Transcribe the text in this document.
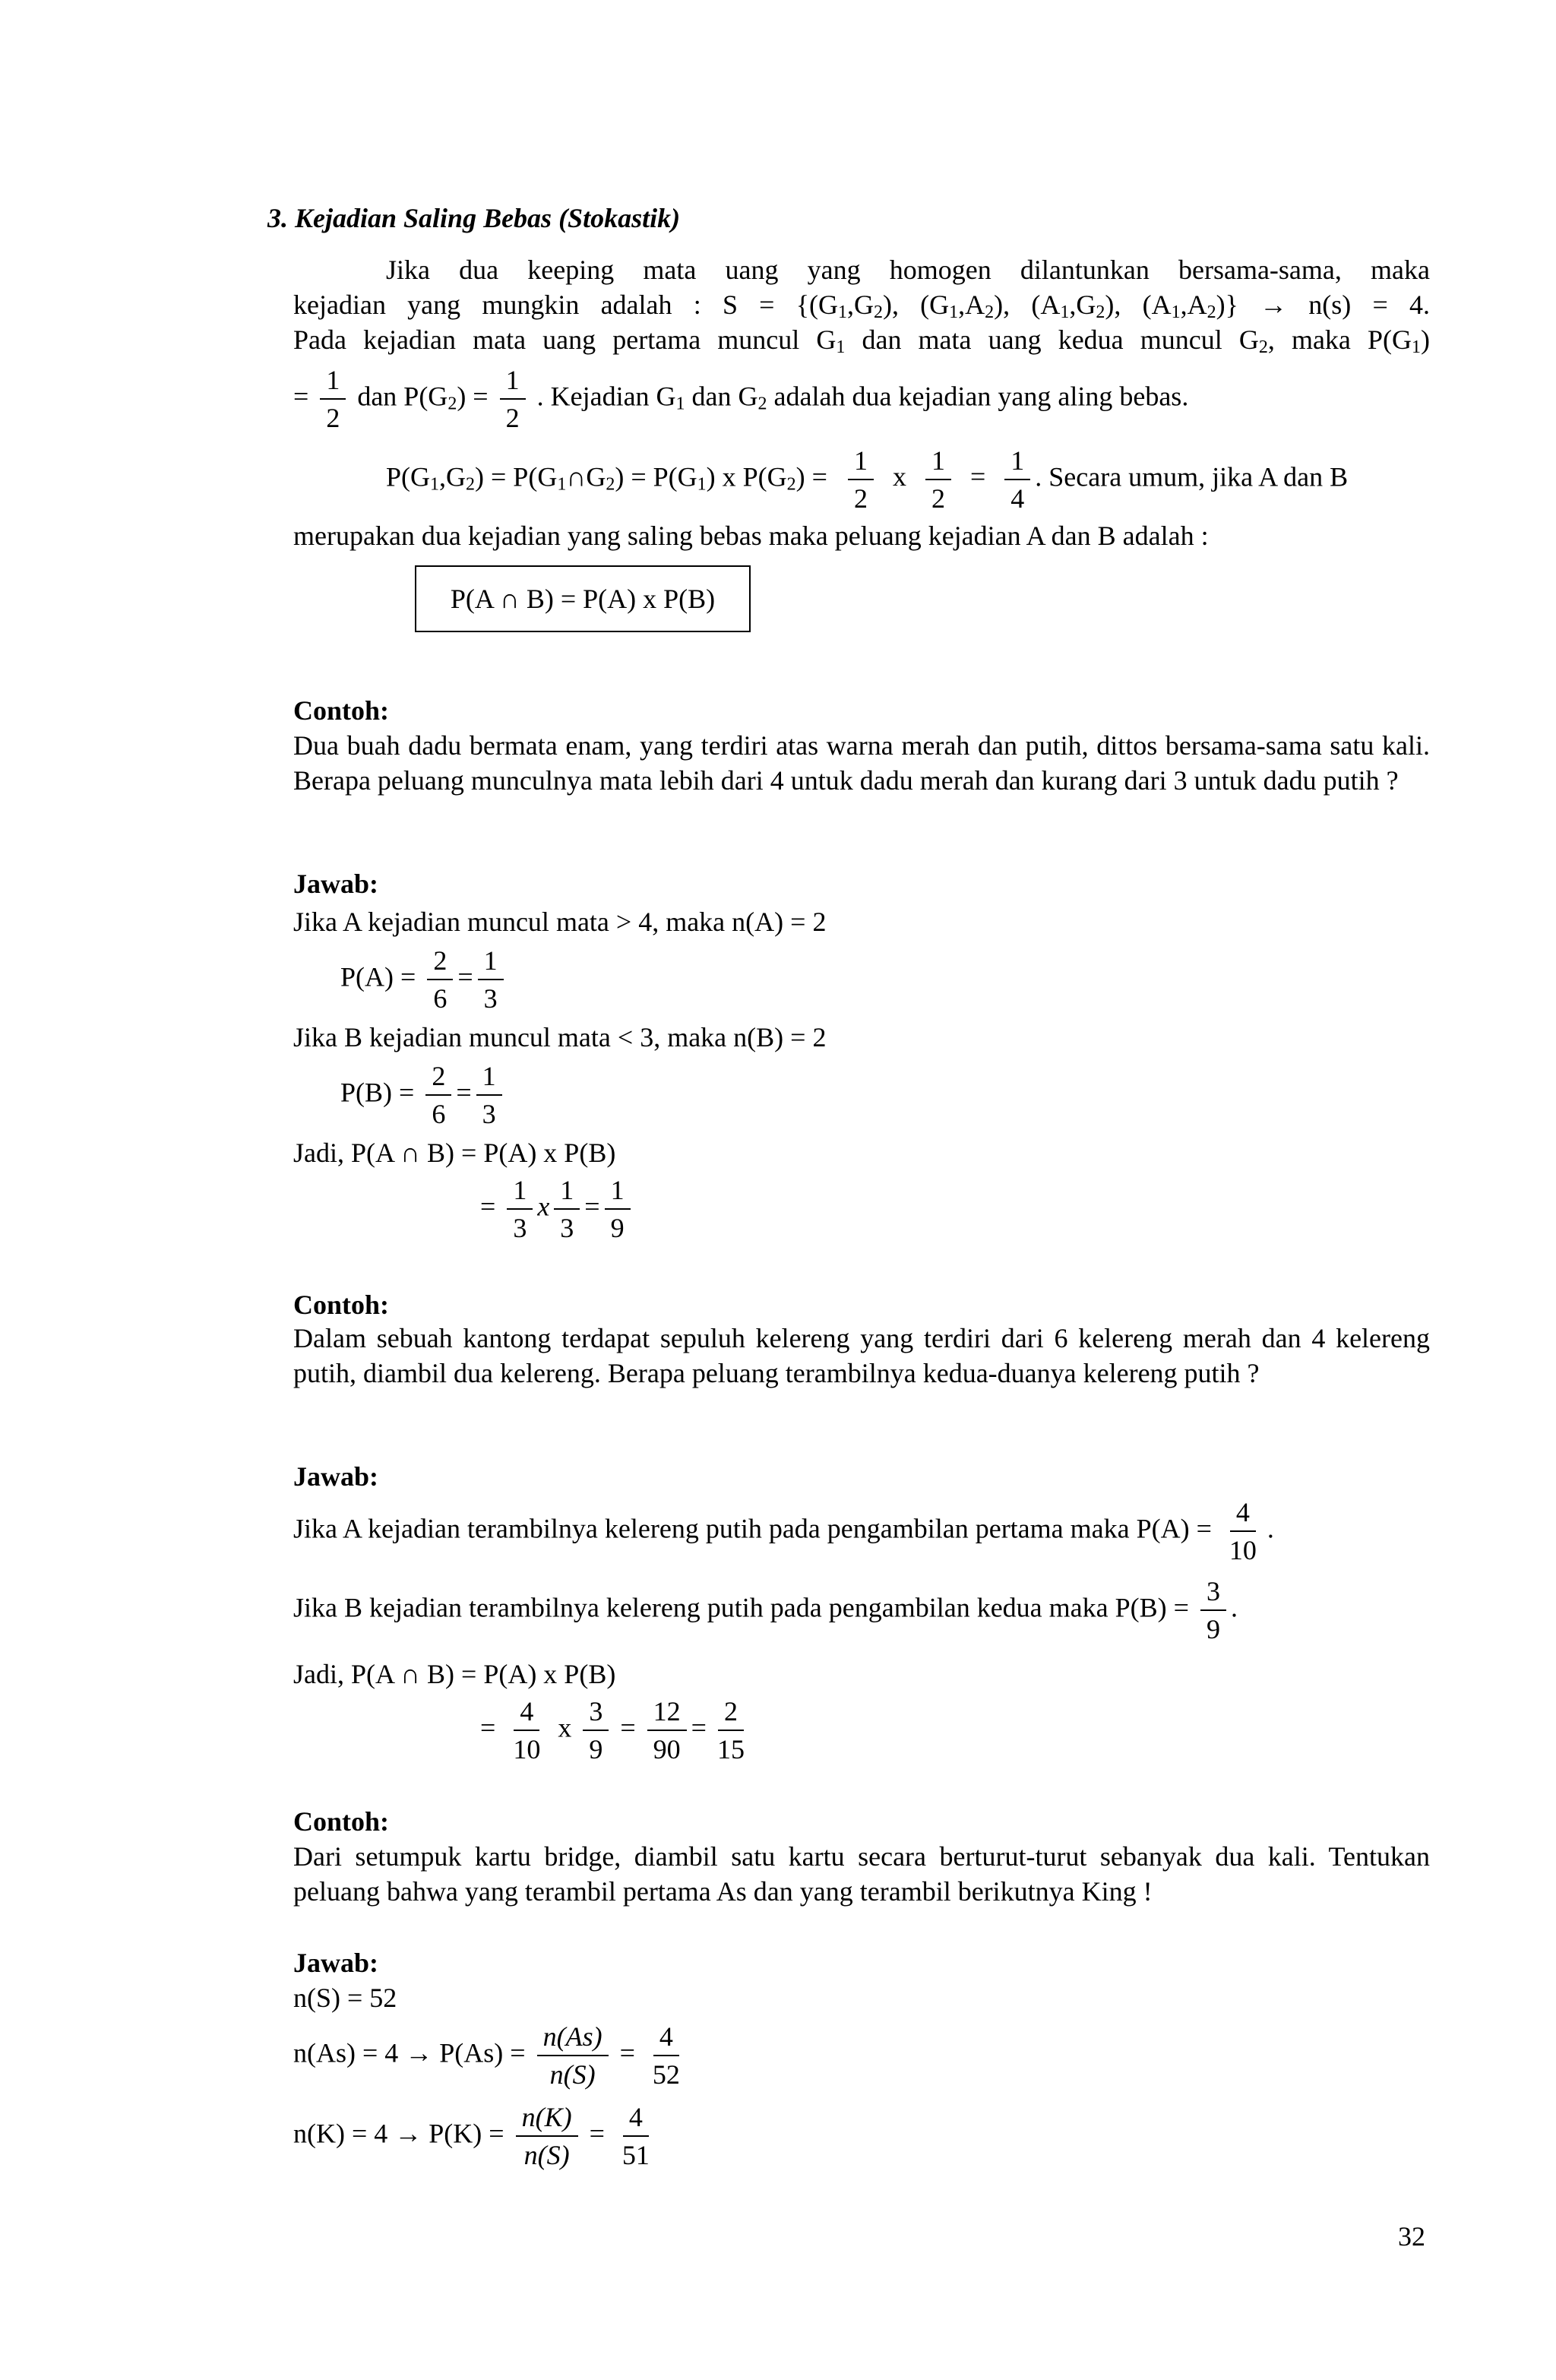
3. Kejadian Saling Bebas (Stokastik)
Jika dua keeping mata uang yang homogen dilantunkan bersama-sama, maka
kejadian yang mungkin adalah : $S = \{(G_1,G_2)$, $(G_1,A_2)$, $(A_1,G_2)$, $(A_1,A_2)\} \to n(s) = 4$.
Pada kejadian mata uang pertama muncul $G_1$ dan mata uang kedua muncul $G_2$, maka $P(G_1)$
= $\frac{1}{2}$ dan $P(G_2) = \frac{1}{2}$ . Kejadian $G_1$ dan $G_2$ adalah dua kejadian yang aling bebas.
$P(G_1,G_2)$ = $P(G_1\cap G_2) = P(G_1)$ x $P(G_2) = \frac{1}{2}$ x $\frac{1}{2} = \frac{1}{4}$ . Secara umum, jika A dan B
merupakan dua kejadian yang saling bebas maka peluang kejadian A dan B adalah :
P(A ∩ B) = P(A) x P(B)
Contoh:
Dua buah dadu bermata enam, yang terdiri atas warna merah dan putih, dittos bersama-sama satu kali. Berapa peluang munculnya mata lebih dari 4 untuk dadu merah dan kurang dari 3 untuk dadu putih ?
Jawab:
Jika A kejadian muncul mata > 4, maka n(A) = 2
$P(A) = \frac{2}{6} = \frac{1}{3}$
Jika B kejadian muncul mata < 3, maka n(B) = 2
$P(B) = \frac{2}{6} = \frac{1}{3}$
Jadi, P(A ∩ B) = P(A) x P(B)
= $\frac{1}{3}$ x $\frac{1}{3} = \frac{1}{9}$
Contoh:
Dalam sebuah kantong terdapat sepuluh kelereng yang terdiri dari 6 kelereng merah dan 4 kelereng putih, diambil dua kelereng. Berapa peluang terambilnya kedua-duanya kelereng putih ?
Jawab:
Jika A kejadian terambilnya kelereng putih pada pengambilan pertama maka $P(A) = \frac{4}{10}$ .
Jika B kejadian terambilnya kelereng putih pada pengambilan kedua maka $P(B) = \frac{3}{9}$ .
Jadi, P(A ∩ B) = P(A) x P(B)
= $\frac{4}{10}$ x $\frac{3}{9} = \frac{12}{90} = \frac{2}{15}$
Contoh:
Dari setumpuk kartu bridge, diambil satu kartu secara berturut-turut sebanyak dua kali. Tentukan peluang bahwa yang terambil pertama As dan yang terambil berikutnya King !
Jawab:
n(S) = 52
$n(As) = 4 \to P(As) = \frac{n(As)}{n(S)} = \frac{4}{52}$
$n(K) = 4 \to P(K) = \frac{n(K)}{n(S)} = \frac{4}{51}$
32
